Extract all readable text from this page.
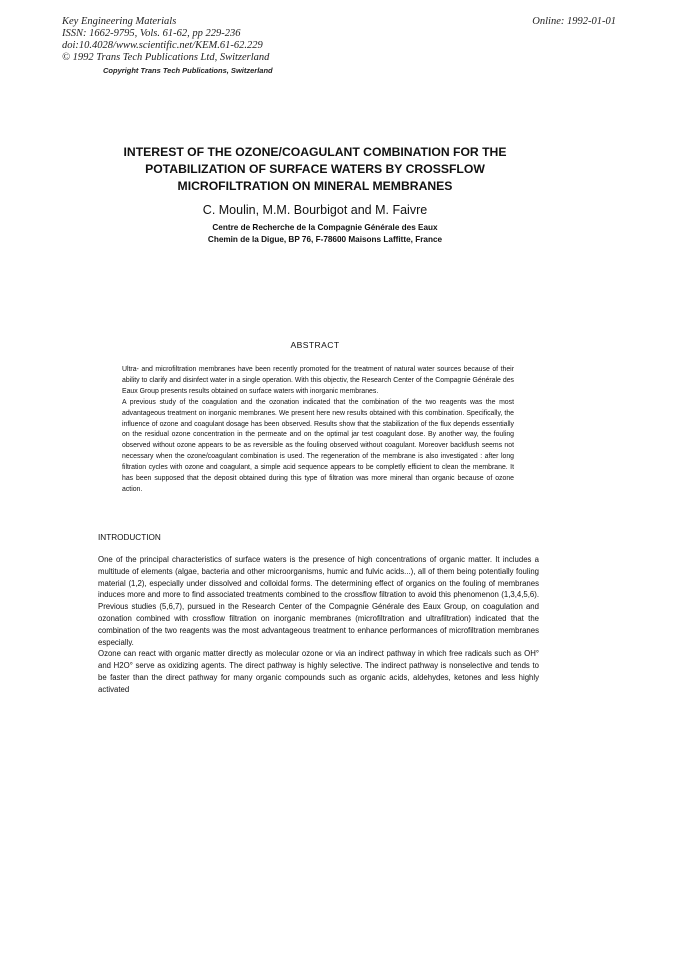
Key Engineering Materials
ISSN: 1662-9795, Vols. 61-62, pp 229-236
doi:10.4028/www.scientific.net/KEM.61-62.229
© 1992 Trans Tech Publications Ltd, Switzerland
Online: 1992-01-01
Copyright Trans Tech Publications, Switzerland
INTEREST OF THE OZONE/COAGULANT COMBINATION FOR THE
POTABILIZATION OF SURFACE WATERS BY CROSSFLOW
MICROFILTRATION ON MINERAL MEMBRANES
C. Moulin, M.M. Bourbigot and M. Faivre
Centre de Recherche de la Compagnie Générale des Eaux
Chemin de la Digue, BP 76, F-78600 Maisons Laffitte, France
ABSTRACT

Ultra- and microfiltration membranes have been recently promoted for the treatment of natural water sources because of their ability to clarify and disinfect water in a single operation. With this objectiv, the Research Center of the Compagnie Générale des Eaux Group presents results obtained on surface waters with inorganic membranes.

A previous study of the coagulation and the ozonation indicated that the combination of the two reagents was the most advantageous treatment on inorganic membranes. We present here new results obtained with this combination. Specifically, the influence of ozone and coagulant dosage has been observed. Results show that the stabilization of the flux depends essentially on the residual ozone concentration in the permeate and on the optimal jar test coagulant dose. By another way, the fouling observed without ozone appears to be as reversible as the fouling observed without coagulant. Moreover backflush seems not necessary when the ozone/coagulant combination is used. The regeneration of the membrane is also investigated : after long filtration cycles with ozone and coagulant, a simple acid sequence appears to be completly efficient to clean the membrane. It has been supposed that the deposit obtained during this type of filtration was more mineral than organic because of ozone action.

INTRODUCTION

One of the principal characteristics of surface waters is the presence of high concentrations of organic matter. It includes a multitude of elements (algae, bacteria and other microorganisms, humic and fulvic acids...), all of them being potentially fouling material (1,2), especially under dissolved and colloidal forms. The determining effect of organics on the fouling of membranes induces more and more to find associated treatments combined to the crossflow filtration to avoid this phenomenon (1,3,4,5,6). Previous studies (5,6,7), pursued in the Research Center of the Compagnie Générale des Eaux Group, on coagulation and ozonation combined with crossflow filtration on inorganic membranes (microfiltration and ultrafiltration) indicated that the combination of the two reagents was the most advantageous treatment to enhance performances of microfiltration membranes especially.

Ozone can react with organic matter directly as molecular ozone or via an indirect pathway in which free radicals such as OH° and H2O° serve as oxidizing agents. The direct pathway is highly selective. The indirect pathway is nonselective and tends to be faster than the direct pathway for many organic compounds such as organic acids, aldehydes, ketones and less highly activated
